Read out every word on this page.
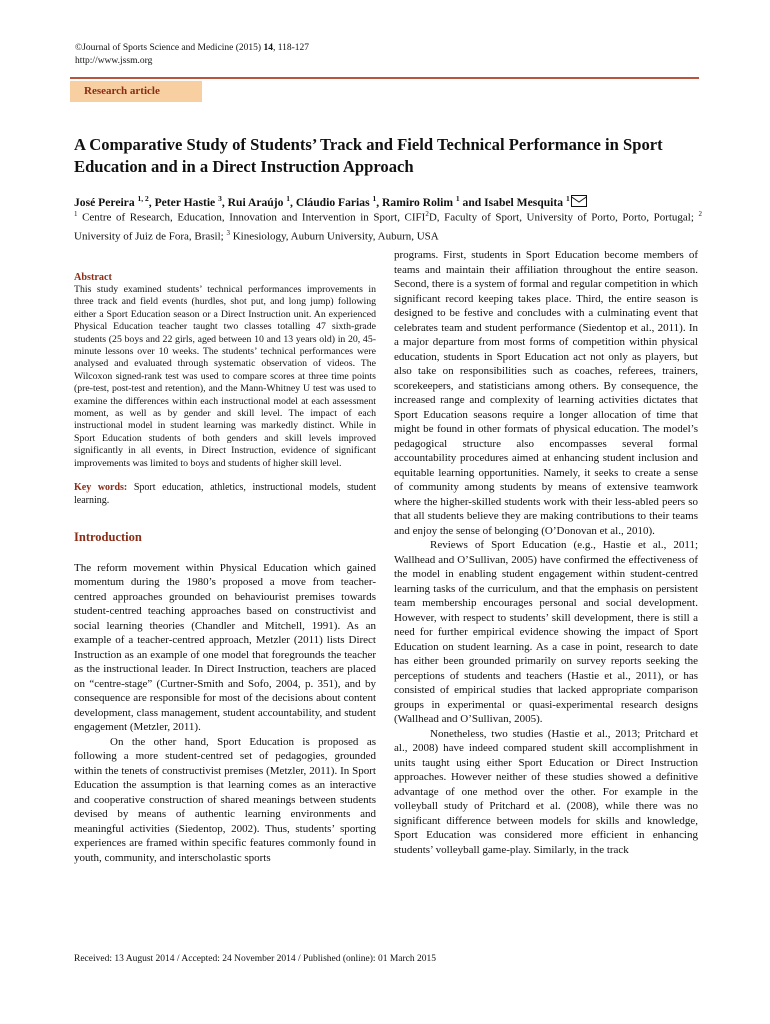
©Journal of Sports Science and Medicine (2015) 14, 118-127
http://www.jssm.org
Research article
A Comparative Study of Students’ Track and Field Technical Performance in Sport Education and in a Direct Instruction Approach
José Pereira $^{1, 2}$, Peter Hastie $^3$, Rui Araújo $^1$, Cláudio Farias $^1$, Ramiro Rolim $^1$ and Isabel Mesquita $^1$
$^1$ Centre of Research, Education, Innovation and Intervention in Sport, CIFI$^2$D, Faculty of Sport, University of Porto, Porto, Portugal; $^2$ University of Juiz de Fora, Brasil; $^3$ Kinesiology, Auburn University, Auburn, USA
Abstract
This study examined students’ technical performances improvements in three track and field events (hurdles, shot put, and long jump) following either a Sport Education season or a Direct Instruction unit. An experienced Physical Education teacher taught two classes totalling 47 sixth-grade students (25 boys and 22 girls, aged between 10 and 13 years old) in 20, 45-minute lessons over 10 weeks. The students’ technical performances were analysed and evaluated through systematic observation of videos. The Wilcoxon signed-rank test was used to compare scores at three time points (pre-test, post-test and retention), and the Mann-Whitney U test was used to examine the differences within each instructional model at each assessment moment, as well as by gender and skill level. The impact of each instructional model in student learning was markedly distinct. While in Sport Education students of both genders and skill levels improved significantly in all events, in Direct Instruction, evidence of significant improvements was limited to boys and students of higher skill level.
Key words: Sport education, athletics, instructional models, student learning.
Introduction

The reform movement within Physical Education which gained momentum during the 1980’s proposed a move from teacher-centred approaches grounded on behaviourist premises towards student-centred teaching approaches based on constructivist and social learning theories (Chandler and Mitchell, 1991). As an example of a teacher-centred approach, Metzler (2011) lists Direct Instruction as an example of one model that foregrounds the teacher as the instructional leader. In Direct Instruction, teachers are placed on “centre-stage” (Curtner-Smith and Sofo, 2004, p. 351), and by consequence are responsible for most of the decisions about content development, class management, student accountability, and student engagement (Metzler, 2011).

On the other hand, Sport Education is proposed as following a more student-centred set of pedagogies, grounded within the tenets of constructivist premises (Metzler, 2011). In Sport Education the assumption is that learning comes as an interactive and cooperative construction of shared meanings between students devised by means of authentic learning environments and meaningful activities (Siedentop, 2002). Thus, students’ sporting experiences are framed within specific features commonly found in youth, community, and interscholastic sports

programs. First, students in Sport Education become members of teams and maintain their affiliation throughout the entire season. Second, there is a system of formal and regular competition in which significant record keeping takes place. Third, the entire season is designed to be festive and concludes with a culminating event that celebrates team and student performance (Siedentop et al., 2011). In a major departure from most forms of competition within physical education, students in Sport Education act not only as players, but also take on responsibilities such as coaches, referees, trainers, scorekeepers, and statisticians among others. By consequence, the increased range and complexity of learning activities dictates that Sport Education seasons require a longer allocation of time that might be found in other formats of physical education. The model’s pedagogical structure also encompasses several formal accountability procedures aimed at enhancing student inclusion and equitable learning opportunities. Namely, it seeks to create a sense of community among students by means of extensive teamwork where the higher-skilled students work with their less-abled peers so that all students believe they are making contributions to their teams and enjoy the sense of belonging (O’Donovan et al., 2010).

Reviews of Sport Education (e.g., Hastie et al., 2011; Wallhead and O’Sullivan, 2005) have confirmed the effectiveness of the model in enabling student engagement within student-centred learning tasks of the curriculum, and that the emphasis on persistent team membership encourages personal and social development. However, with respect to students’ skill development, there is still a need for further empirical evidence showing the impact of Sport Education on student learning. As a case in point, research to date has either been grounded primarily on survey reports seeking the perceptions of students and teachers (Hastie et al., 2011), or has consisted of empirical studies that lacked appropriate comparison groups in experimental or quasi-experimental research designs (Wallhead and O’Sullivan, 2005).

Nonetheless, two studies (Hastie et al., 2013; Pritchard et al., 2008) have indeed compared student skill accomplishment in units taught using either Sport Education or Direct Instruction approaches. However neither of these studies showed a definitive advantage of one method over the other. For example in the volleyball study of Pritchard et al. (2008), while there was no significant difference between models for skills and knowledge, Sport Education was considered more efficient in enhancing students’ volleyball game-play. Similarly, in the track

Received: 13 August 2014 / Accepted: 24 November 2014 / Published (online): 01 March 2015
